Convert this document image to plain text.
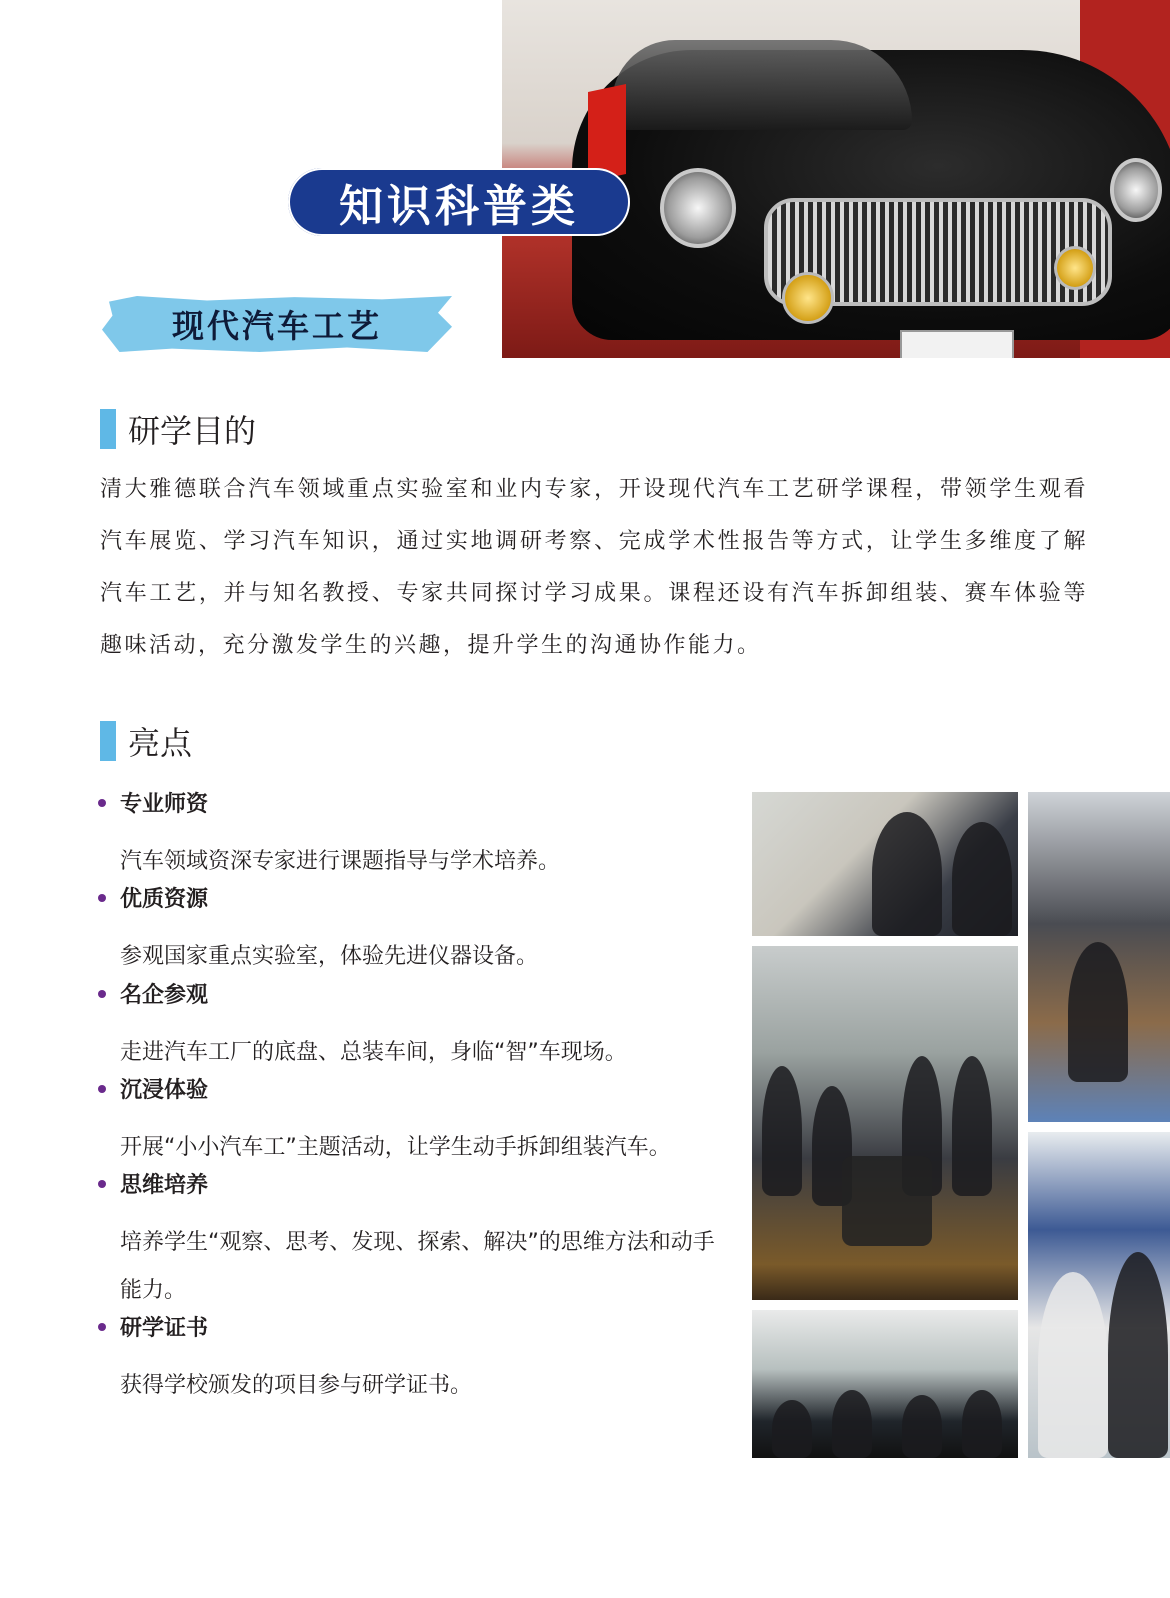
知识科普类
现代汽车工艺
研学目的
清大雅德联合汽车领域重点实验室和业内专家，开设现代汽车工艺研学课程，带领学生观看汽车展览、学习汽车知识，通过实地调研考察、完成学术性报告等方式，让学生多维度了解汽车工艺，并与知名教授、专家共同探讨学习成果。课程还设有汽车拆卸组装、赛车体验等趣味活动，充分激发学生的兴趣，提升学生的沟通协作能力。
亮点
专业师资
汽车领域资深专家进行课题指导与学术培养。
优质资源
参观国家重点实验室，体验先进仪器设备。
名企参观
走进汽车工厂的底盘、总装车间，身临“智”车现场。
沉浸体验
开展“小小汽车工”主题活动，让学生动手拆卸组装汽车。
思维培养
培养学生“观察、思考、发现、探索、解决”的思维方法和动手能力。
研学证书
获得学校颁发的项目参与研学证书。
